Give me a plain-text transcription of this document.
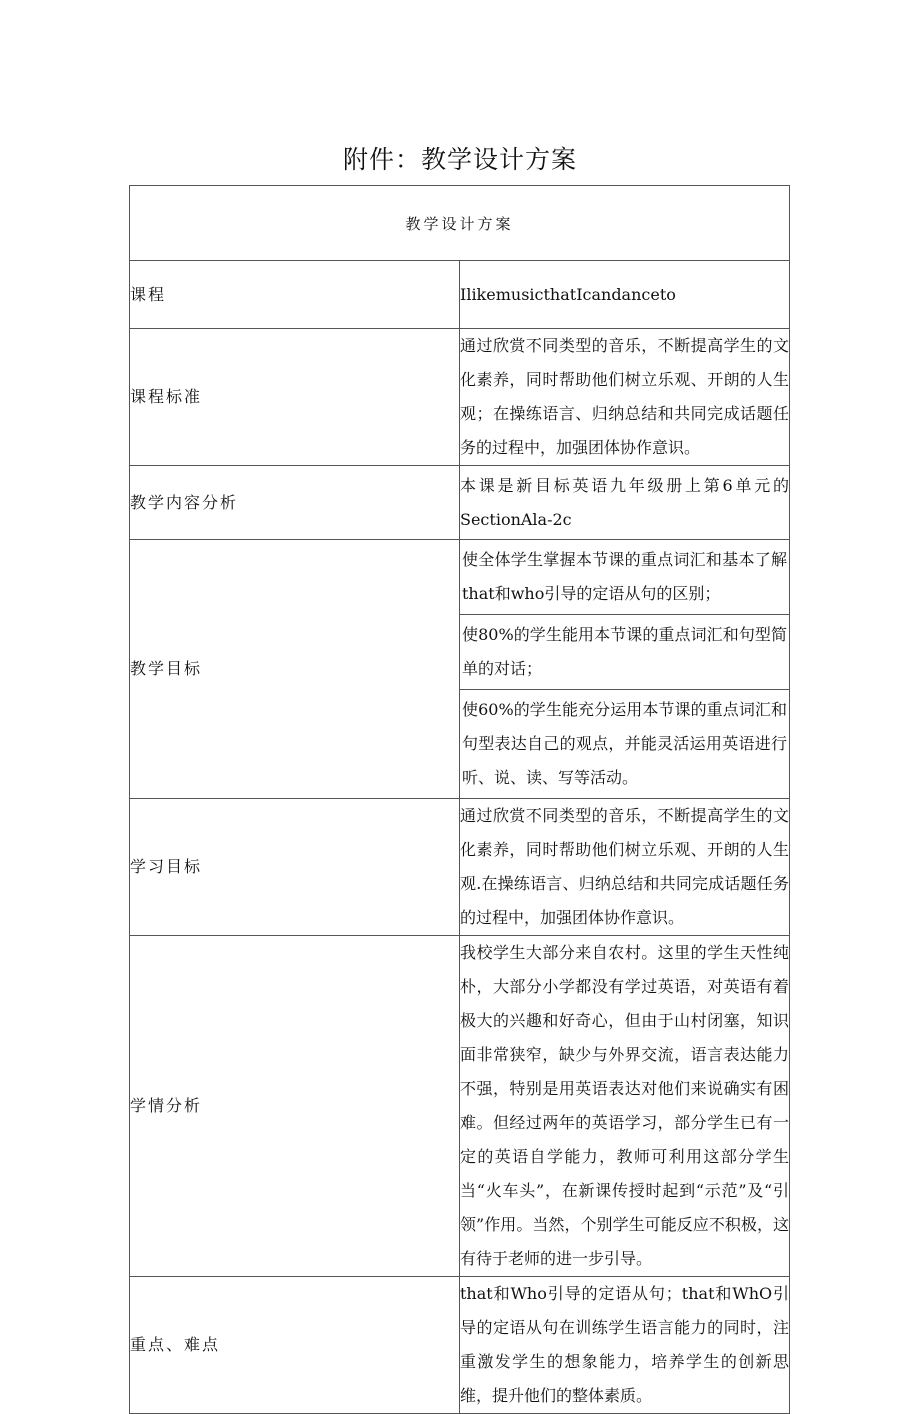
附件：教学设计方案
教学设计方案	
课程	IlikemusicthatIcandanceto
课程标准	通过欣赏不同类型的音乐，不断提高学生的文化素养，同时帮助他们树立乐观、开朗的人生观；在操练语言、归纳总结和共同完成话题任务的过程中，加强团体协作意识。
教学内容分析	本课是新目标英语九年级册上第6单元的SectionAla-2c
教学目标	使全体学生掌握本节课的重点词汇和基本了解that和who引导的定语从句的区别；
使80%的学生能用本节课的重点词汇和句型简单的对话；
使60%的学生能充分运用本节课的重点词汇和句型表达自己的观点，并能灵活运用英语进行听、说、读、写等活动。

学习目标	通过欣赏不同类型的音乐，不断提高学生的文化素养，同时帮助他们树立乐观、开朗的人生观.在操练语言、归纳总结和共同完成话题任务的过程中，加强团体协作意识。
学情分析	我校学生大部分来自农村。这里的学生天性纯朴，大部分小学都没有学过英语，对英语有着极大的兴趣和好奇心，但由于山村闭塞，知识面非常狭窄，缺少与外界交流，语言表达能力不强，特别是用英语表达对他们来说确实有困难。但经过两年的英语学习，部分学生已有一定的英语自学能力，教师可利用这部分学生当“火车头”，在新课传授时起到“示范”及“引领”作用。当然，个别学生可能反应不积极，这有待于老师的进一步引导。
重点、难点	that和Who引导的定语从句；that和WhO引导的定语从句在训练学生语言能力的同时，注重激发学生的想象能力，培养学生的创新思维，提升他们的整体素质。
